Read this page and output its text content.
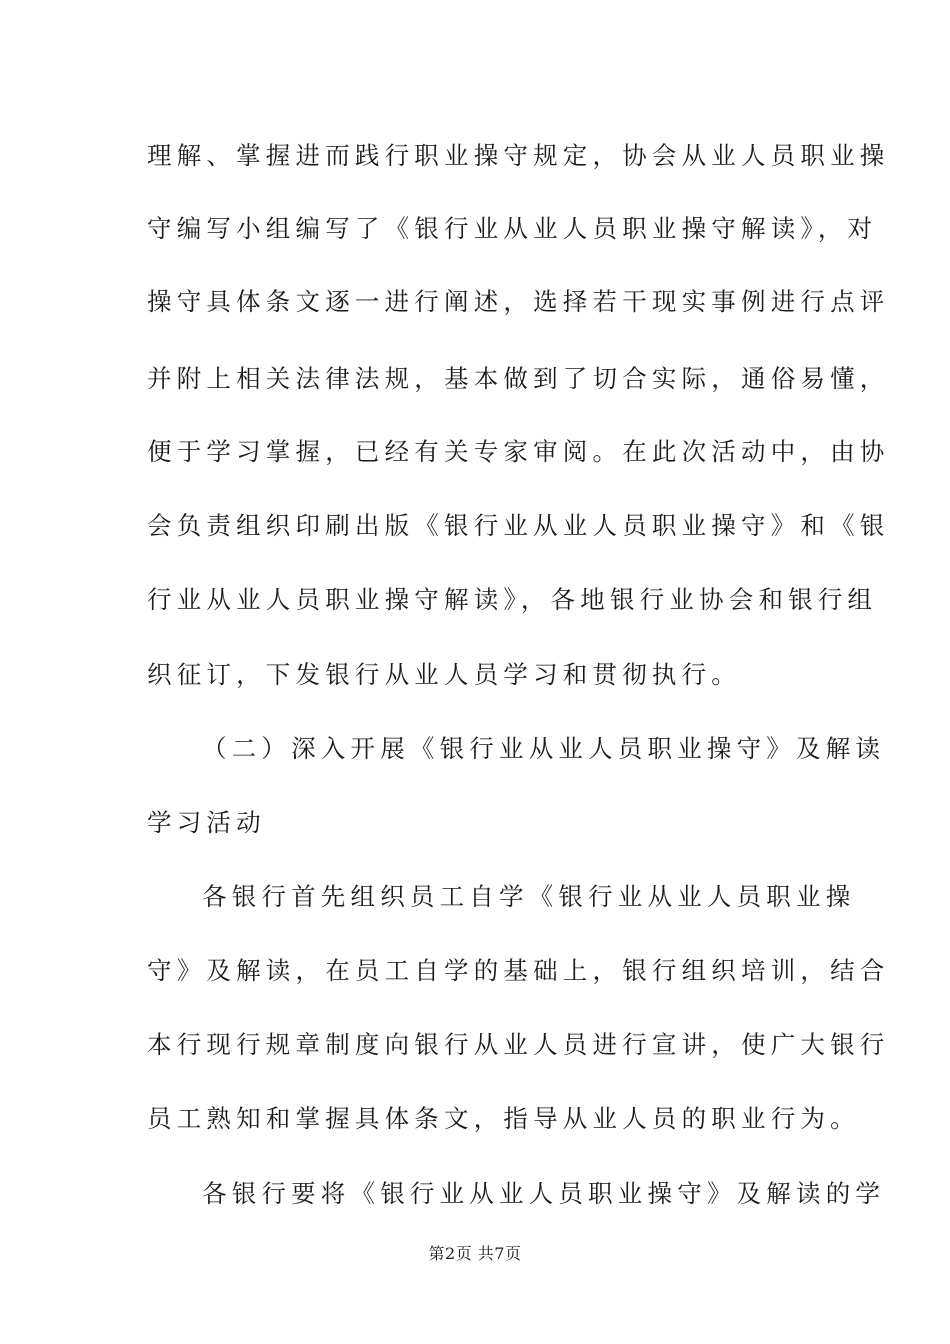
理解、掌握进而践行职业操守规定，协会从业人员职业操
守编写小组编写了《银行业从业人员职业操守解读》，对
操守具体条文逐一进行阐述，选择若干现实事例进行点评
并附上相关法律法规，基本做到了切合实际，通俗易懂，
便于学习掌握，已经有关专家审阅。在此次活动中，由协
会负责组织印刷出版《银行业从业人员职业操守》和《银
行业从业人员职业操守解读》，各地银行业协会和银行组
织征订，下发银行从业人员学习和贯彻执行。
（二）深入开展《银行业从业人员职业操守》及解读
学习活动
各银行首先组织员工自学《银行业从业人员职业操
守》及解读，在员工自学的基础上，银行组织培训，结合
本行现行规章制度向银行从业人员进行宣讲，使广大银行
员工熟知和掌握具体条文，指导从业人员的职业行为。
各银行要将《银行业从业人员职业操守》及解读的学
第2页 共7页
